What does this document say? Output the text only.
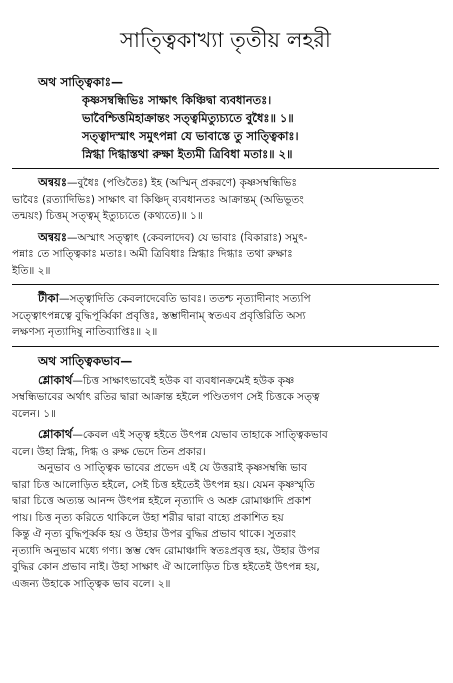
সাত্ত্বিকাখ্যা তৃতীয় লহরী
অথ সাত্ত্বিকাঃ—
কৃষ্ণসম্বন্ধিভিঃ সাক্ষাৎ কিঞ্চিদ্বা ব্যবধানতঃ।
ভাবৈশ্চিত্তমিহাক্রান্তং সত্ত্বমিত্যুচ্যতে বুধৈঃ॥ ১॥
সত্ত্বাদস্মাৎ সমুৎপন্না যে ভাবাস্তে তু সাত্ত্বিকাঃ।
স্নিগ্ধা দিগ্ধাস্তথা রুক্ষা ইত্যমী ত্রিবিধা মতাঃ॥ ২॥
অন্বয়ঃ—বুধৈঃ (পণ্ডিতৈঃ) ইহ (অস্মিন্ প্রকরণে) কৃষ্ণসম্বন্ধিভিঃ
ভাবৈঃ (রত্যাদিভিঃ) সাক্ষাৎ বা কিঞ্চিদ্ ব্যবধানতঃ আক্রান্তম্ (অভিভূতং
তন্ময়ং) চিত্তম্ সত্ত্বম্ ইত্যুচ্যতে (কথ্যতে)॥ ১॥
অন্বয়ঃ—অস্মাৎ সত্ত্বাৎ (কেবলাদেব) যে ভাবাঃ (বিকারাঃ) সমুৎ-
পন্নাঃ তে সাত্ত্বিকাঃ মতাঃ। অমী ত্রিবিধাঃ স্নিগ্ধাঃ দিগ্ধাঃ তথা রুক্ষাঃ
ইতি॥ ২॥
টীকা—সত্ত্বাদিতি কেবলাদেবেতি ভাবঃ। ততশ্চ নৃত্যাদীনাং সত্যপি
সত্ত্বোৎপন্নত্বে বুদ্ধিপূর্ব্বিকা প্রবৃত্তিঃ, স্তম্ভাদীনাম্ স্বতএব প্রবৃত্তিরিতি অস্য
লক্ষণস্য নৃত্যাদিষু নাতিব্যাপ্তিঃ॥ ২॥
অথ সাত্ত্বিকভাব—
শ্লোকার্থ—চিত্ত সাক্ষাৎভাবেই হউক বা ব্যবধানক্রমেই হউক কৃষ্ণ
সম্বন্ধিভাবের অর্থাৎ রতির দ্বারা আক্রান্ত হইলে পণ্ডিতগণ সেই চিত্তকে সত্ত্ব
বলেন। ১॥
শ্লোকার্থ—কেবল এই সত্ত্ব হইতে উৎপন্ন যেভাব তাহাকে সাত্ত্বিকভাব
বলে। উহা স্নিগ্ধ, দিগ্ধ ও রুক্ষ ভেদে তিন প্রকার।
অনুভাব ও সাত্ত্বিক ভাবের প্রভেদ এই যে উত্তরাই কৃষ্ণসম্বন্ধি ভাব
দ্বারা চিত্ত আলোড়িত হইলে, সেই চিত্ত হইতেই উৎপন্ন হয়। যেমন কৃষ্ণস্মৃতি
দ্বারা চিত্তে অত্যন্ত আনন্দ উৎপন্ন হইলে নৃত্যাদি ও অশ্রু রোমাঞ্চাদি প্রকাশ
পায়। চিত্ত নৃত্য করিতে থাকিলে উহা শরীর দ্বারা বাহ্যে প্রকাশিত হয়
কিন্তু ঐ নৃত্য বুদ্ধিপূর্ব্বক হয় ও উহার উপর বুদ্ধির প্রভাব থাকে। সুতরাং
নৃত্যাদি অনুভাব মধ্যে গণ্য। স্তম্ভ স্বেদ রোমাঞ্চাদি স্বতঃপ্রবৃত্ত হয়, উহার উপর
বুদ্ধির কোন প্রভাব নাই। উহা সাক্ষাৎ ঐ আলোড়িত চিত্ত হইতেই উৎপন্ন হয়,
এজন্য উহাকে সাত্ত্বিক ভাব বলে। ২॥
